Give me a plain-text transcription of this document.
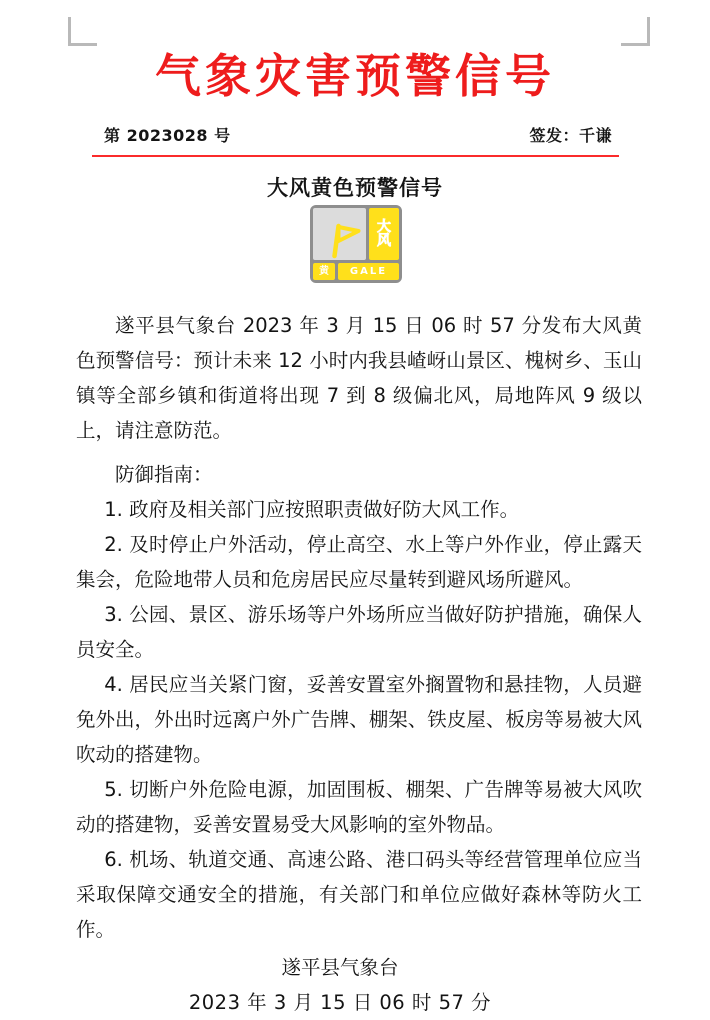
气象灾害预警信号
第 2023028 号	签发：千谦
大风黄色预警信号
大
风
黄	GALE

遂平县气象台 2023 年 3 月 15 日 06 时 57 分发布大风黄色预警信号：预计未来 12 小时内我县嵖岈山景区、槐树乡、玉山镇等全部乡镇和街道将出现 7 到 8 级偏北风，局地阵风 9 级以上，请注意防范。

防御指南：

1. 政府及相关部门应按照职责做好防大风工作。

2. 及时停止户外活动，停止高空、水上等户外作业，停止露天集会，危险地带人员和危房居民应尽量转到避风场所避风。

3. 公园、景区、游乐场等户外场所应当做好防护措施，确保人员安全。

4. 居民应当关紧门窗，妥善安置室外搁置物和悬挂物，人员避免外出，外出时远离户外广告牌、棚架、铁皮屋、板房等易被大风吹动的搭建物。

5. 切断户外危险电源，加固围板、棚架、广告牌等易被大风吹动的搭建物，妥善安置易受大风影响的室外物品。

6. 机场、轨道交通、高速公路、港口码头等经营管理单位应当采取保障交通安全的措施，有关部门和单位应做好森林等防火工作。

遂平县气象台

2023 年 3 月 15 日 06 时 57 分
